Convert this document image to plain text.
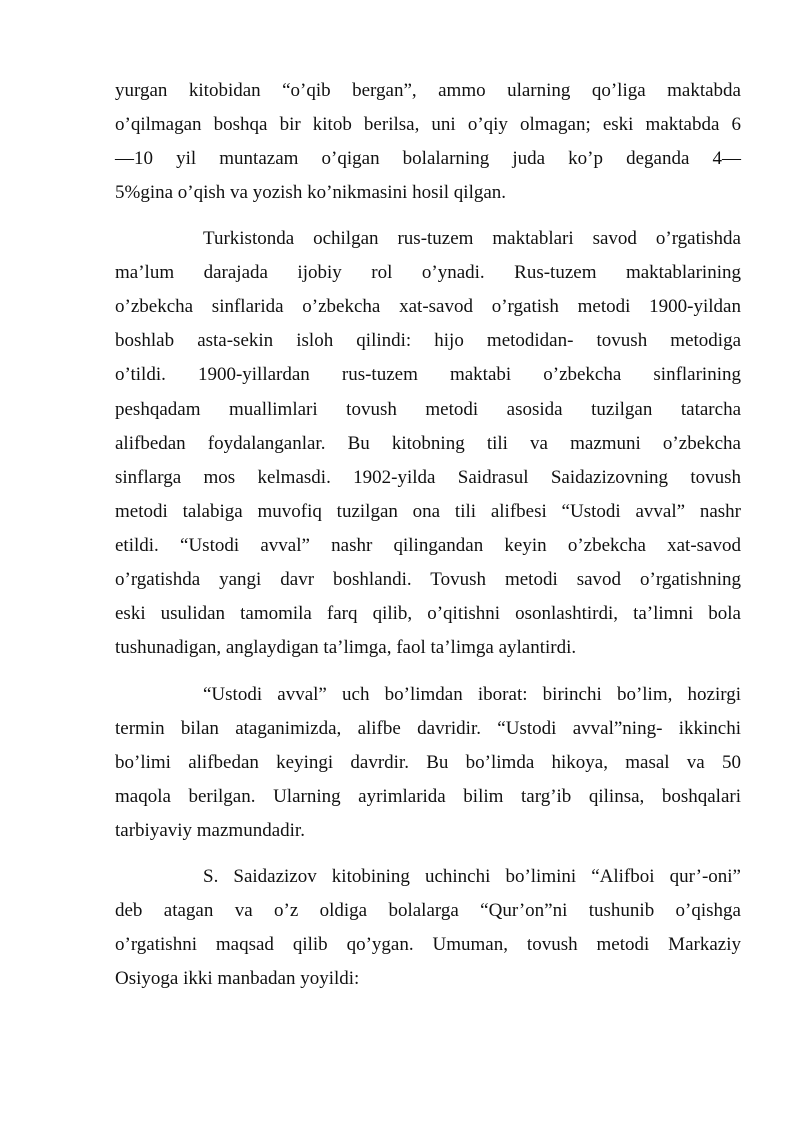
yurgan kitobidan “o’qib bergan”, ammo ularning qo’liga maktabda
o’qilmagan boshqa bir kitob berilsa, uni o’qiy olmagan; eski maktabda 6
—10 yil muntazam o’qigan bolalarning juda ko’p deganda 4—
5%gina o’qish va yozish ko’nikmasini hosil qilgan.
Turkistonda ochilgan rus-tuzem maktablari savod o’rgatishda
ma’lum darajada ijobiy rol o’ynadi. Rus-tuzem maktablarining
o’zbekcha sinflarida o’zbekcha xat-savod o’rgatish metodi 1900-yildan
boshlab asta-sekin isloh qilindi: hijo metodidan- tovush metodiga
o’tildi. 1900-yillardan rus-tuzem maktabi o’zbekcha sinflarining
peshqadam muallimlari tovush metodi asosida tuzilgan tatarcha
alifbedan foydalanganlar. Bu kitobning tili va mazmuni o’zbekcha
sinflarga mos kelmasdi. 1902-yilda Saidrasul Saidazizovning tovush
metodi talabiga muvofiq tuzilgan ona tili alifbesi “Ustodi avval” nashr
etildi. “Ustodi avval” nashr qilingandan keyin o’zbekcha xat-savod
o’rgatishda yangi davr boshlandi. Tovush metodi savod o’rgatishning
eski usulidan tamomila farq qilib, o’qitishni osonlashtirdi, ta’limni bola
tushunadigan, anglaydigan ta’limga, faol ta’limga aylantirdi.
“Ustodi avval” uch bo’limdan iborat: birinchi bo’lim, hozirgi
termin bilan ataganimizda, alifbe davridir. “Ustodi avval”ning- ikkinchi
bo’limi alifbedan keyingi davrdir. Bu bo’limda hikoya, masal va 50
maqola berilgan. Ularning ayrimlarida bilim targ’ib qilinsa, boshqalari
tarbiyaviy mazmundadir.
S. Saidazizov kitobining uchinchi bo’limini “Alifboi qur’-oni”
deb atagan va o’z oldiga bolalarga “Qur’on”ni tushunib o’qishga
o’rgatishni maqsad qilib qo’ygan. Umuman, tovush metodi Markaziy
Osiyoga ikki manbadan yoyildi:
